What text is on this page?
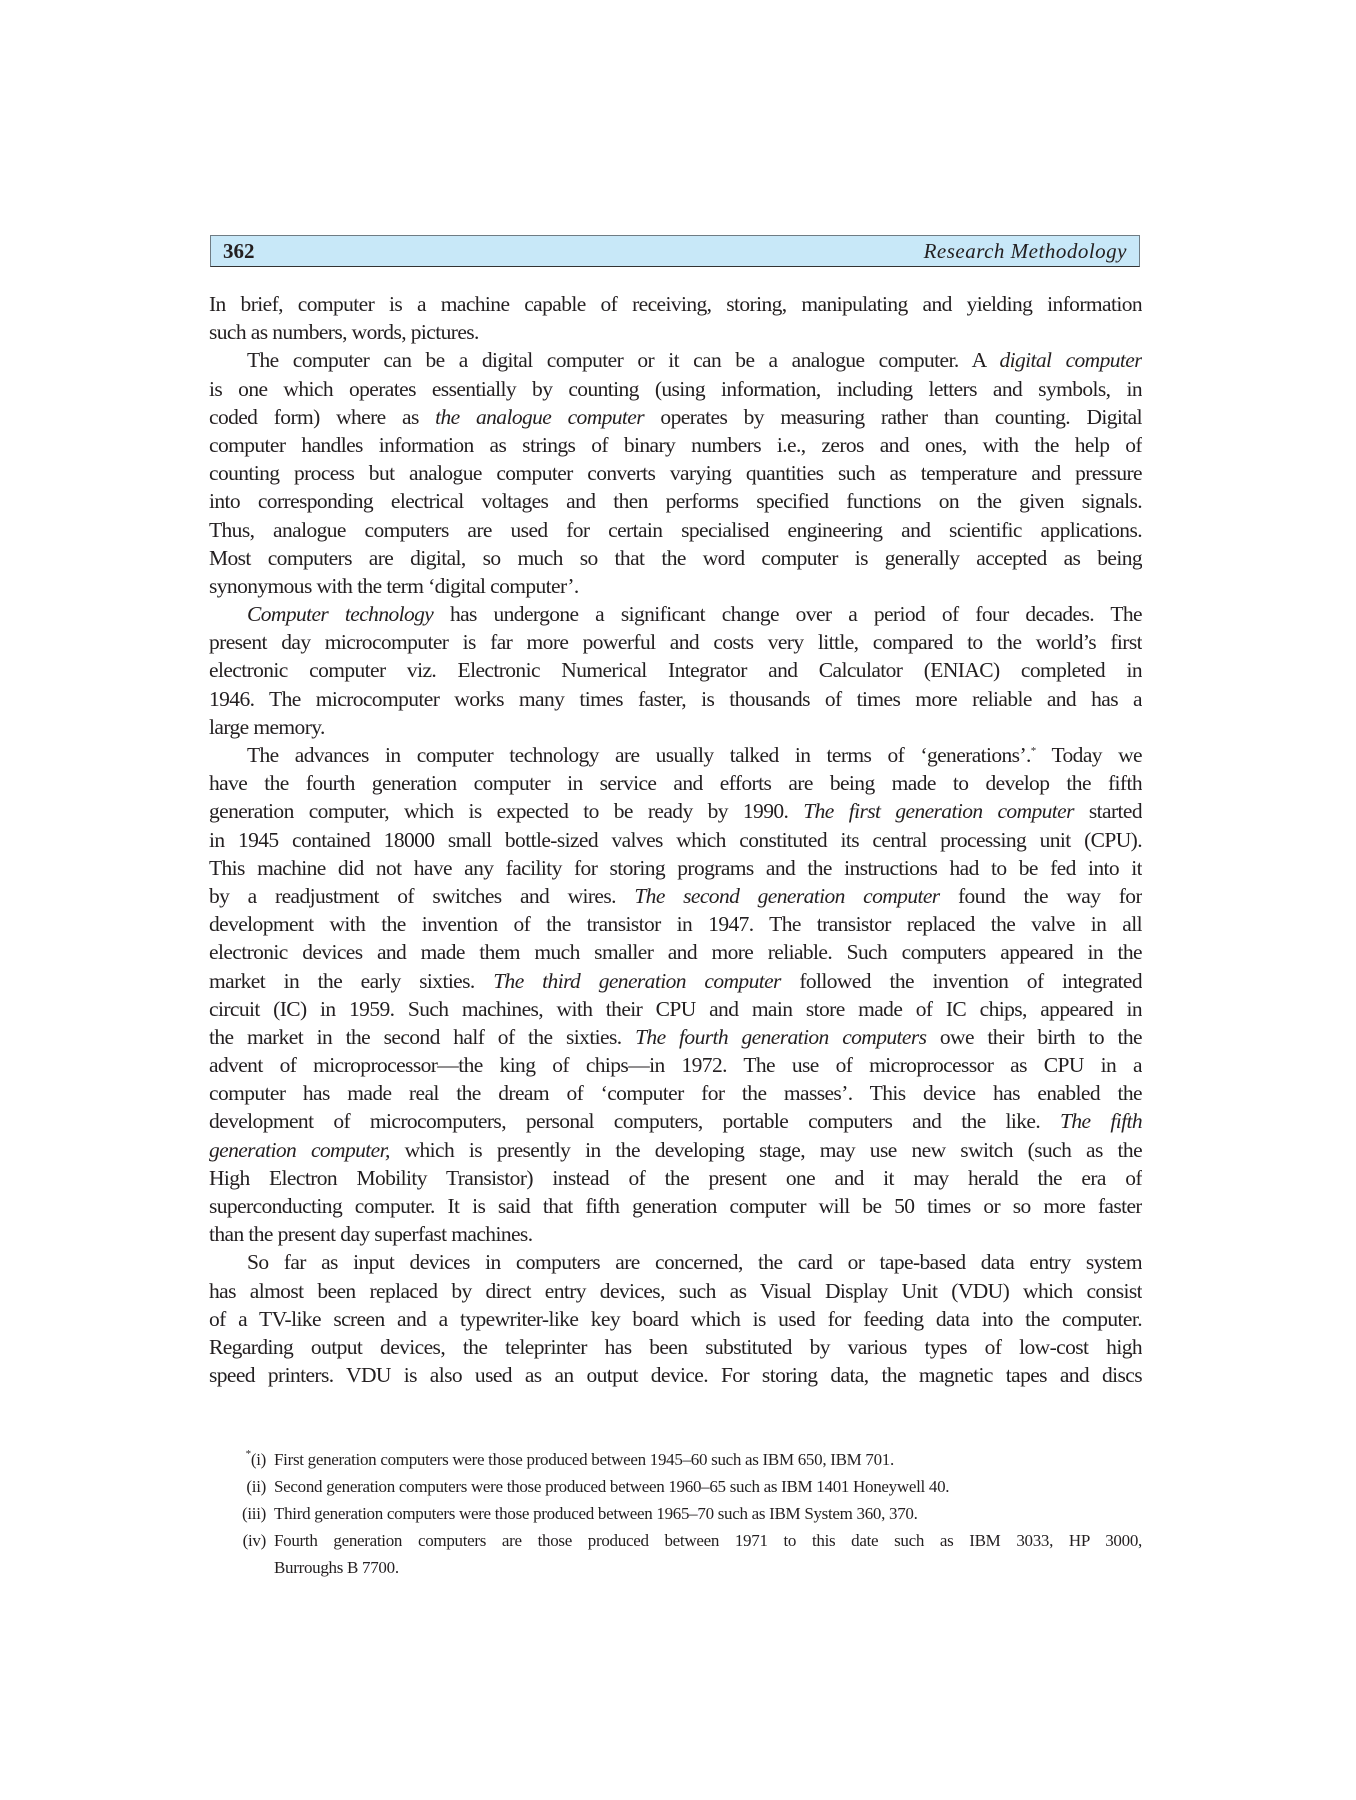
362	Research Methodology
In brief, computer is a machine capable of receiving, storing, manipulating and yielding information
such as numbers, words, pictures.
The computer can be a digital computer or it can be a analogue computer. A digital computer
is one which operates essentially by counting (using information, including letters and symbols, in
coded form) where as the analogue computer operates by measuring rather than counting. Digital
computer handles information as strings of binary numbers i.e., zeros and ones, with the help of
counting process but analogue computer converts varying quantities such as temperature and pressure
into corresponding electrical voltages and then performs specified functions on the given signals.
Thus, analogue computers are used for certain specialised engineering and scientific applications.
Most computers are digital, so much so that the word computer is generally accepted as being
synonymous with the term ‘digital computer’.
Computer technology has undergone a significant change over a period of four decades. The
present day microcomputer is far more powerful and costs very little, compared to the world’s first
electronic computer viz. Electronic Numerical Integrator and Calculator (ENIAC) completed in
1946. The microcomputer works many times faster, is thousands of times more reliable and has a
large memory.
The advances in computer technology are usually talked in terms of ‘generations’.* Today we
have the fourth generation computer in service and efforts are being made to develop the fifth
generation computer, which is expected to be ready by 1990. The first generation computer started
in 1945 contained 18000 small bottle-sized valves which constituted its central processing unit (CPU).
This machine did not have any facility for storing programs and the instructions had to be fed into it
by a readjustment of switches and wires. The second generation computer found the way for
development with the invention of the transistor in 1947. The transistor replaced the valve in all
electronic devices and made them much smaller and more reliable. Such computers appeared in the
market in the early sixties. The third generation computer followed the invention of integrated
circuit (IC) in 1959. Such machines, with their CPU and main store made of IC chips, appeared in
the market in the second half of the sixties. The fourth generation computers owe their birth to the
advent of microprocessor—the king of chips—in 1972. The use of microprocessor as CPU in a
computer has made real the dream of ‘computer for the masses’. This device has enabled the
development of microcomputers, personal computers, portable computers and the like. The fifth
generation computer, which is presently in the developing stage, may use new switch (such as the
High Electron Mobility Transistor) instead of the present one and it may herald the era of
superconducting computer. It is said that fifth generation computer will be 50 times or so more faster
than the present day superfast machines.
So far as input devices in computers are concerned, the card or tape-based data entry system
has almost been replaced by direct entry devices, such as Visual Display Unit (VDU) which consist
of a TV-like screen and a typewriter-like key board which is used for feeding data into the computer.
Regarding output devices, the teleprinter has been substituted by various types of low-cost high
speed printers. VDU is also used as an output device. For storing data, the magnetic tapes and discs
*(i) First generation computers were those produced between 1945–60 such as IBM 650, IBM 701.
(ii) Second generation computers were those produced between 1960–65 such as IBM 1401 Honeywell 40.
(iii) Third generation computers were those produced between 1965–70 such as IBM System 360, 370.
(iv) Fourth generation computers are those produced between 1971 to this date such as IBM 3033, HP 3000,
Burroughs B 7700.
